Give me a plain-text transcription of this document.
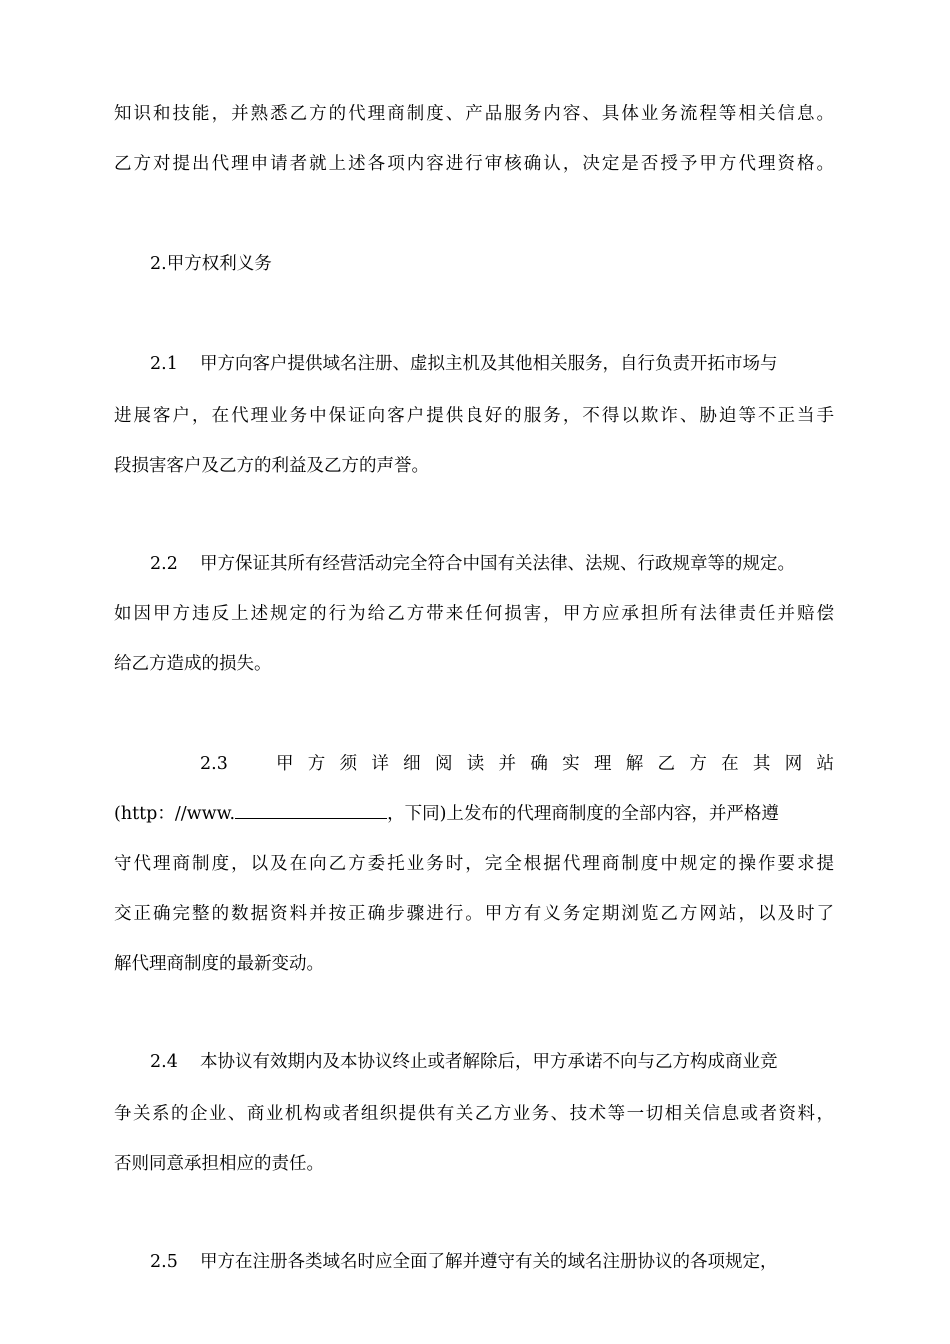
知识和技能，并熟悉乙方的代理商制度、产品服务内容、具体业务流程等相关信息。
乙方对提出代理申请者就上述各项内容进行审核确认，决定是否授予甲方代理资格。
2.甲方权利义务
2.1 甲方向客户提供域名注册、虚拟主机及其他相关服务，自行负责开拓市场与
进展客户，在代理业务中保证向客户提供良好的服务，不得以欺诈、胁迫等不正当手
段损害客户及乙方的利益及乙方的声誉。
2.2 甲方保证其所有经营活动完全符合中国有关法律、法规、行政规章等的规定。
如因甲方违反上述规定的行为给乙方带来任何损害，甲方应承担所有法律责任并赔偿
给乙方造成的损失。
2.3	甲方须详细阅读并确实理解乙方在其网站
(http：//www.	，下同)上发布的代理商制度的全部内容，并严格遵
守代理商制度，以及在向乙方委托业务时，完全根据代理商制度中规定的操作要求提
交正确完整的数据资料并按正确步骤进行。甲方有义务定期浏览乙方网站，以及时了
解代理商制度的最新变动。
2.4 本协议有效期内及本协议终止或者解除后，甲方承诺不向与乙方构成商业竞
争关系的企业、商业机构或者组织提供有关乙方业务、技术等一切相关信息或者资料，
否则同意承担相应的责任。
2.5 甲方在注册各类域名时应全面了解并遵守有关的域名注册协议的各项规定，
